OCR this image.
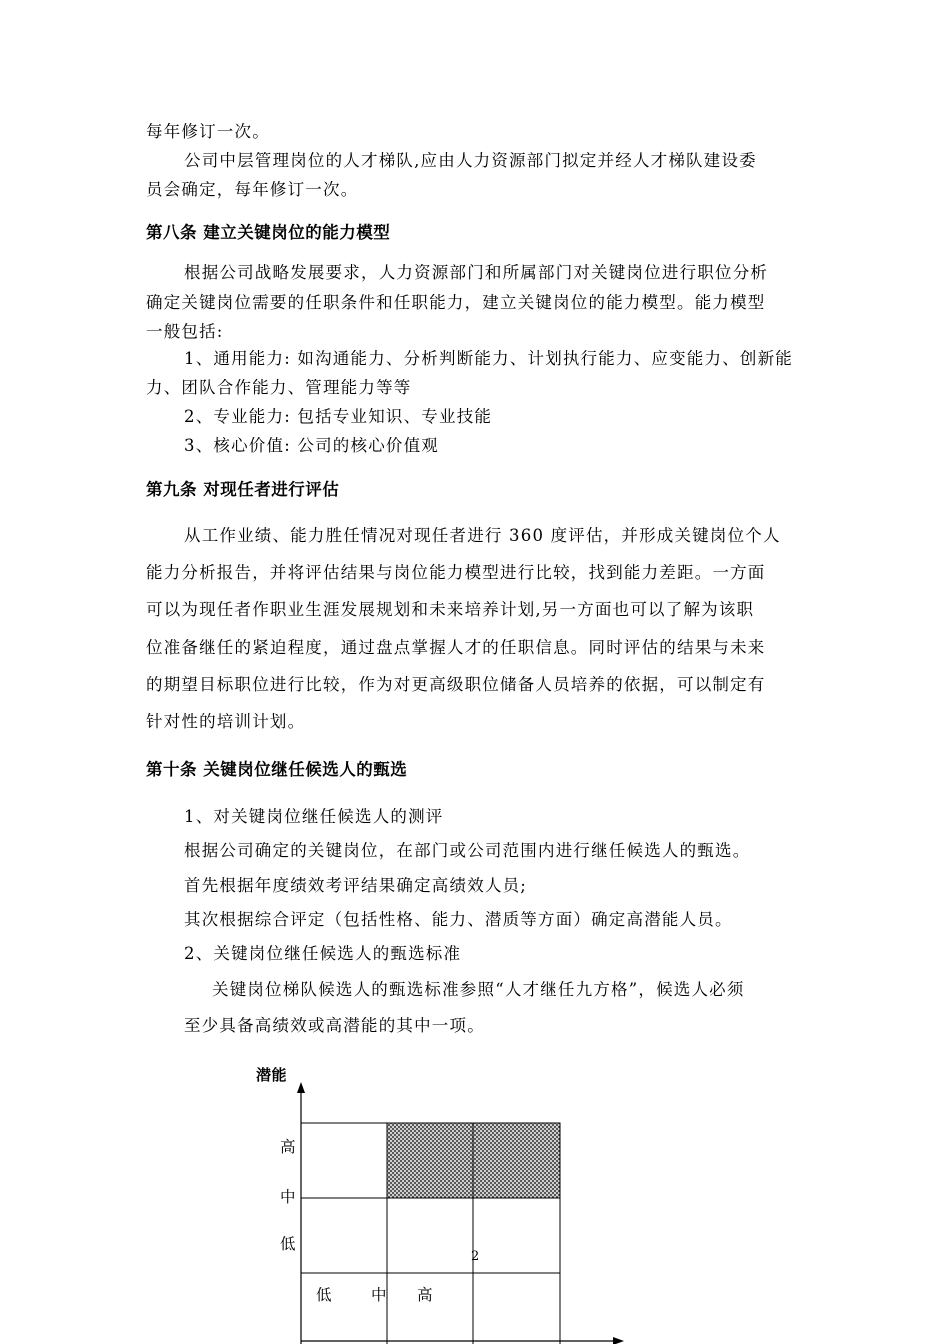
每年修订一次。
公司中层管理岗位的人才梯队,应由人力资源部门拟定并经人才梯队建设委
员会确定，每年修订一次。
第八条 建立关键岗位的能力模型
根据公司战略发展要求，人力资源部门和所属部门对关键岗位进行职位分析
确定关键岗位需要的任职条件和任职能力，建立关键岗位的能力模型。能力模型
一般包括:
1、通用能力: 如沟通能力、分析判断能力、计划执行能力、应变能力、创新能
力、团队合作能力、管理能力等等
2、专业能力: 包括专业知识、专业技能
3、核心价值: 公司的核心价值观
第九条 对现任者进行评估
从工作业绩、能力胜任情况对现任者进行 360 度评估，并形成关键岗位个人
能力分析报告，并将评估结果与岗位能力模型进行比较，找到能力差距。一方面
可以为现任者作职业生涯发展规划和未来培养计划,另一方面也可以了解为该职
位准备继任的紧迫程度，通过盘点掌握人才的任职信息。同时评估的结果与未来
的期望目标职位进行比较，作为对更高级职位储备人员培养的依据，可以制定有
针对性的培训计划。
第十条 关键岗位继任候选人的甄选
1、对关键岗位继任候选人的测评
根据公司确定的关键岗位，在部门或公司范围内进行继任候选人的甄选。
首先根据年度绩效考评结果确定高绩效人员;
其次根据综合评定（包括性格、能力、潜质等方面）确定高潜能人员。
2、关键岗位继任候选人的甄选标准
关键岗位梯队候选人的甄选标准参照“人才继任九方格”，候选人必须
至少具备高绩效或高潜能的其中一项。
潜能
高
中
低
低	中 高
2
